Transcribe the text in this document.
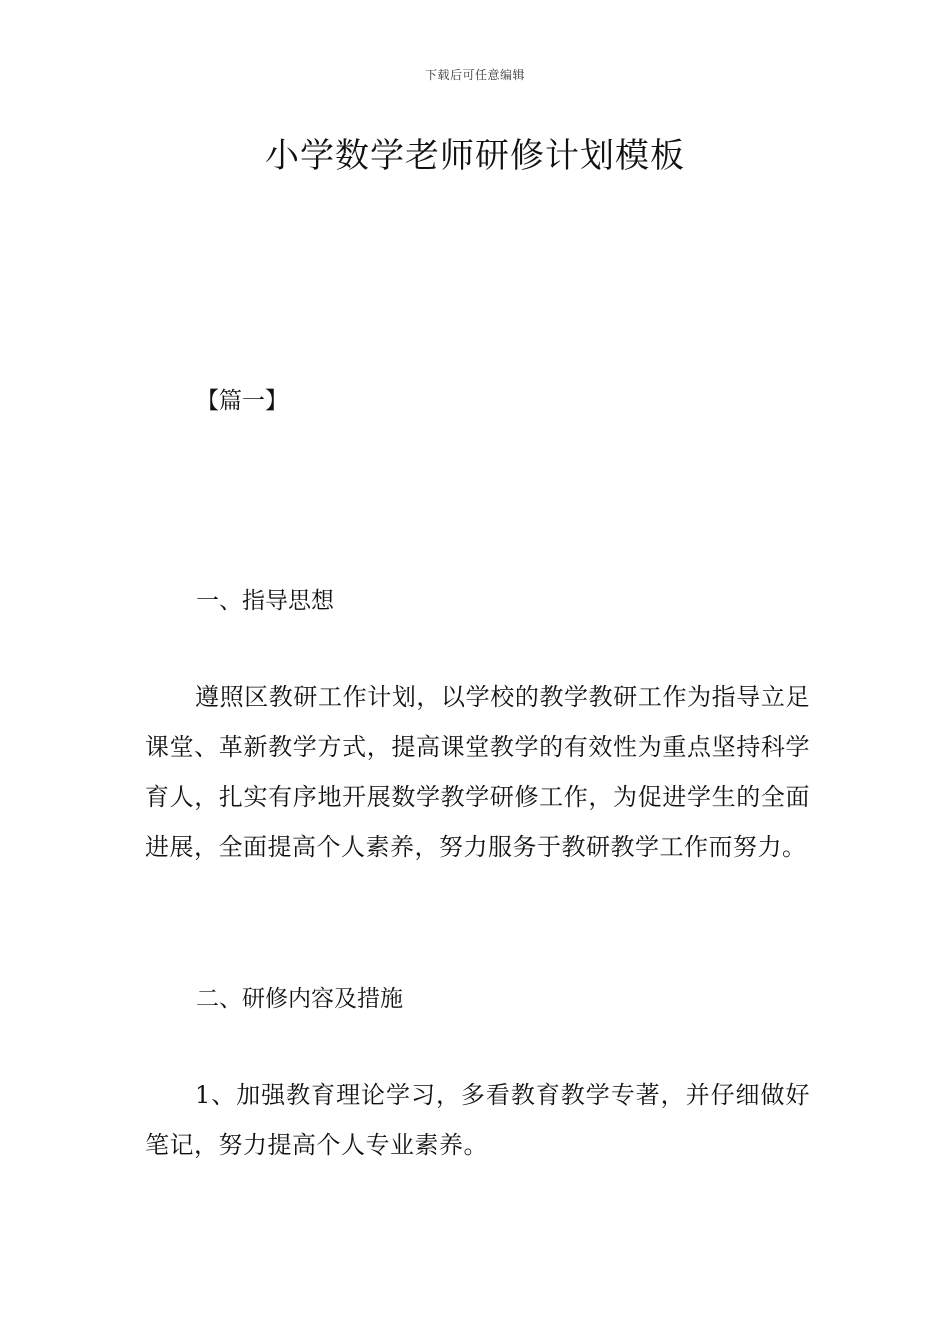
下载后可任意编辑
小学数学老师研修计划模板
【篇一】
一、指导思想

遵照区教研工作计划，以学校的教学教研工作为指导立足课堂、革新教学方式，提高课堂教学的有效性为重点坚持科学育人，扎实有序地开展数学教学研修工作，为促进学生的全面进展，全面提高个人素养，努力服务于教研教学工作而努力。

二、研修内容及措施

1、加强教育理论学习，多看教育教学专著，并仔细做好笔记，努力提高个人专业素养。
